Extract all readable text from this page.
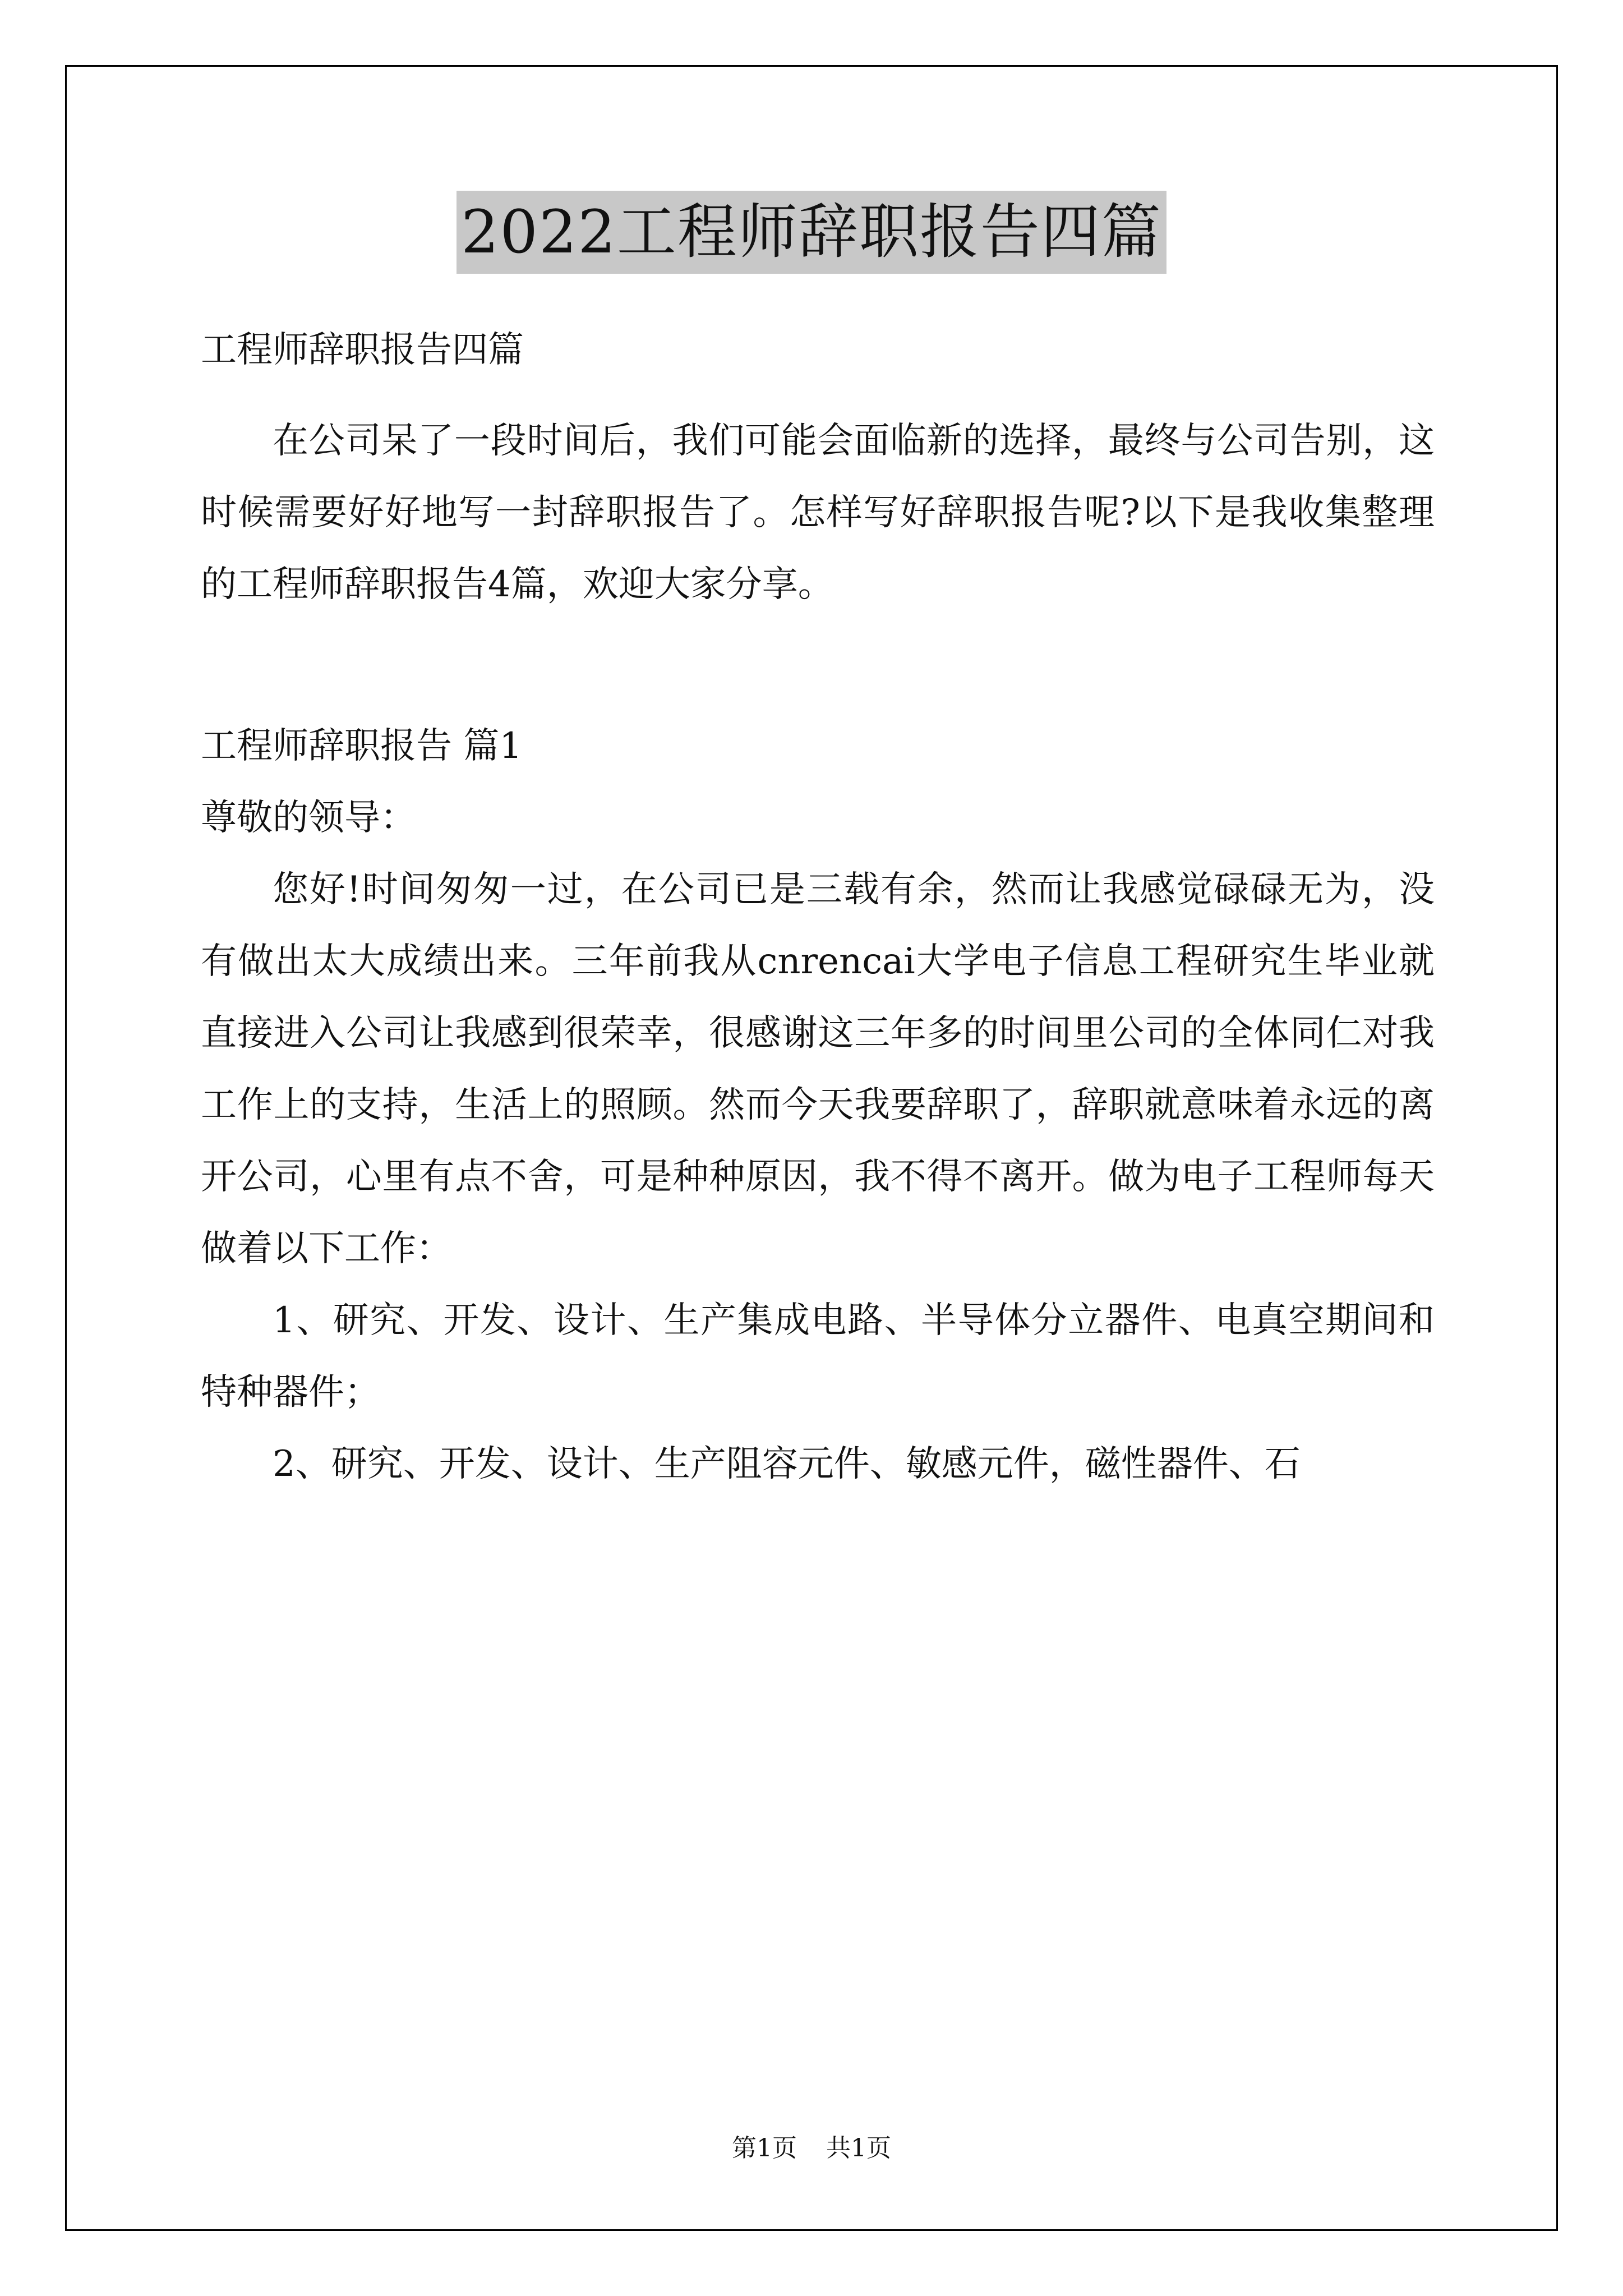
2022工程师辞职报告四篇

工程师辞职报告四篇

在公司呆了一段时间后，我们可能会面临新的选择，最终与公司告别，这时候需要好好地写一封辞职报告了。怎样写好辞职报告呢?以下是我收集整理的工程师辞职报告4篇，欢迎大家分享。

工程师辞职报告 篇1

尊敬的领导：

您好!时间匆匆一过，在公司已是三载有余，然而让我感觉碌碌无为，没有做出太大成绩出来。三年前我从cnrencai大学电子信息工程研究生毕业就直接进入公司让我感到很荣幸，很感谢这三年多的时间里公司的全体同仁对我工作上的支持，生活上的照顾。然而今天我要辞职了，辞职就意味着永远的离开公司，心里有点不舍，可是种种原因，我不得不离开。做为电子工程师每天做着以下工作：

1、研究、开发、设计、生产集成电路、半导体分立器件、电真空期间和特种器件；

2、研究、开发、设计、生产阻容元件、敏感元件，磁性器件、石

第1页 共1页
